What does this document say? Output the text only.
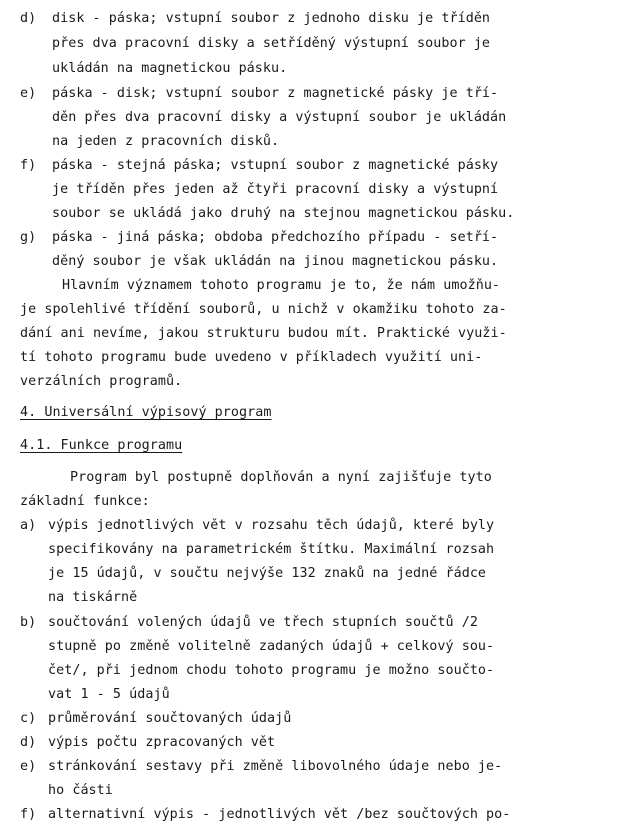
d) disk - páska; vstupní soubor z jednoho disku je tříděn
přes dva pracovní disky a setříděný výstupní soubor je
ukládán na magnetickou pásku.
e) páska - disk; vstupní soubor z magnetické pásky je tří-
děn přes dva pracovní disky a výstupní soubor je ukládán
na jeden z pracovních disků.
f) páska - stejná páska; vstupní soubor z magnetické pásky
je tříděn přes jeden až čtyři pracovní disky a výstupní
soubor se ukládá jako druhý na stejnou magnetickou pásku.
g) páska - jiná páska; obdoba předchozího případu - setří-
děný soubor je však ukládán na jinou magnetickou pásku.
Hlavním významem tohoto programu je to, že nám umožňu-
je spolehlivé třídění souborů, u nichž v okamžiku tohoto za-
dání ani nevíme, jakou strukturu budou mít. Praktické využi-
tí tohoto programu bude uvedeno v příkladech využití uni-
verzálních programů.
4. Universální výpisový program
4.1. Funkce programu
Program byl postupně doplňován a nyní zajišťuje tyto
základní funkce:
a) výpis jednotlivých vět v rozsahu těch údajů, které byly
specifikovány na parametrickém štítku. Maximální rozsah
je 15 údajů, v součtu nejvýše 132 znaků na jedné řádce
na tiskárně
b) součtování volených údajů ve třech stupních součtů /2
stupně po změně volitelně zadaných údajů + celkový sou-
čet/, při jednom chodu tohoto programu je možno součto-
vat 1 - 5 údajů
c) průměrování součtovaných údajů
d) výpis počtu zpracovaných vět
e) stránkování sestavy při změně libovolného údaje nebo je-
ho části
f) alternativní výpis - jednotlivých vět /bez součtových po-
